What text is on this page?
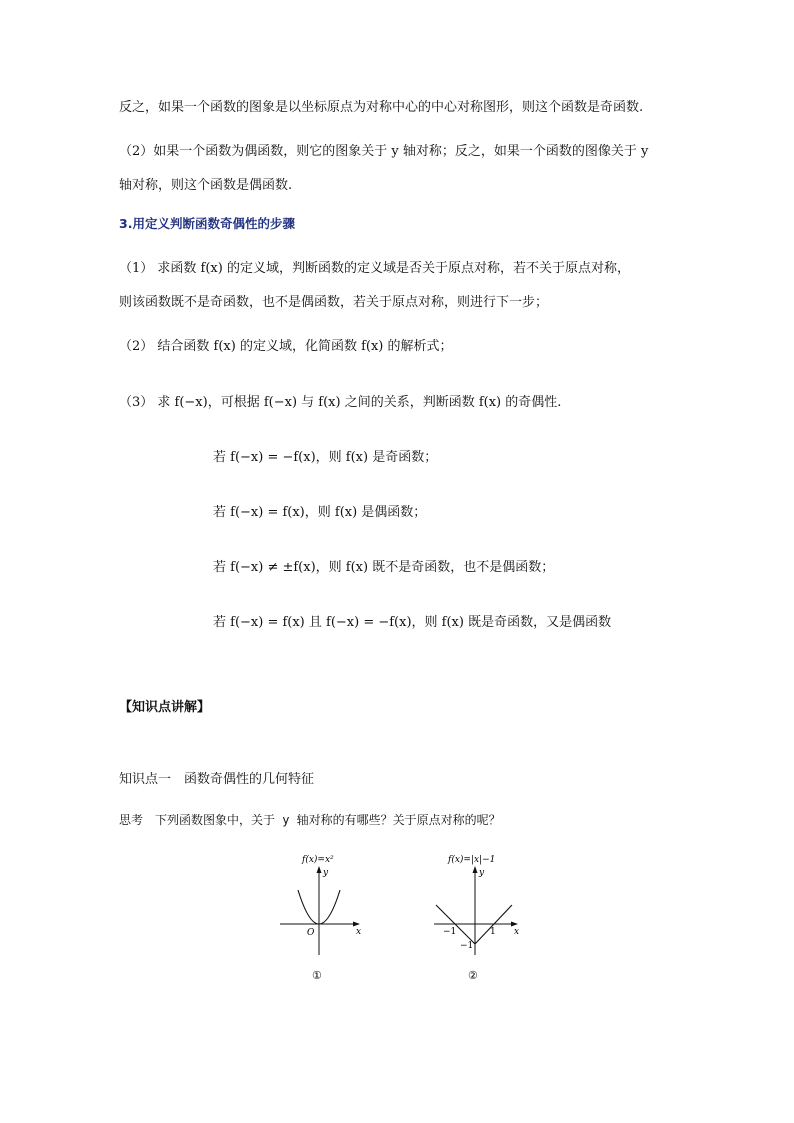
反之，如果一个函数的图象是以坐标原点为对称中心的中心对称图形，则这个函数是奇函数.
（2）如果一个函数为偶函数，则它的图象关于 y 轴对称；反之，如果一个函数的图像关于 y
轴对称，则这个函数是偶函数.
3.用定义判断函数奇偶性的步骤
（1） 求函数 f(x) 的定义域，判断函数的定义域是否关于原点对称，若不关于原点对称，
则该函数既不是奇函数，也不是偶函数，若关于原点对称，则进行下一步；
（2） 结合函数 f(x) 的定义域，化简函数 f(x) 的解析式；
（3） 求 f(−x)，可根据 f(−x) 与 f(x) 之间的关系，判断函数 f(x) 的奇偶性.
若 f(−x) = −f(x)，则 f(x) 是奇函数；
若 f(−x) = f(x)，则 f(x) 是偶函数；
若 f(−x) ≠ ±f(x)，则 f(x) 既不是奇函数，也不是偶函数；
若 f(−x) = f(x) 且 f(−x) = −f(x)，则 f(x) 既是奇函数，又是偶函数
【知识点讲解】
知识点一　函数奇偶性的几何特征
思考　下列函数图象中，关于 y 轴对称的有哪些？关于原点对称的呢？
f(x)=x²
y
x
O
①
f(x)=|x|−1
y
x
−1	1
−1
②
